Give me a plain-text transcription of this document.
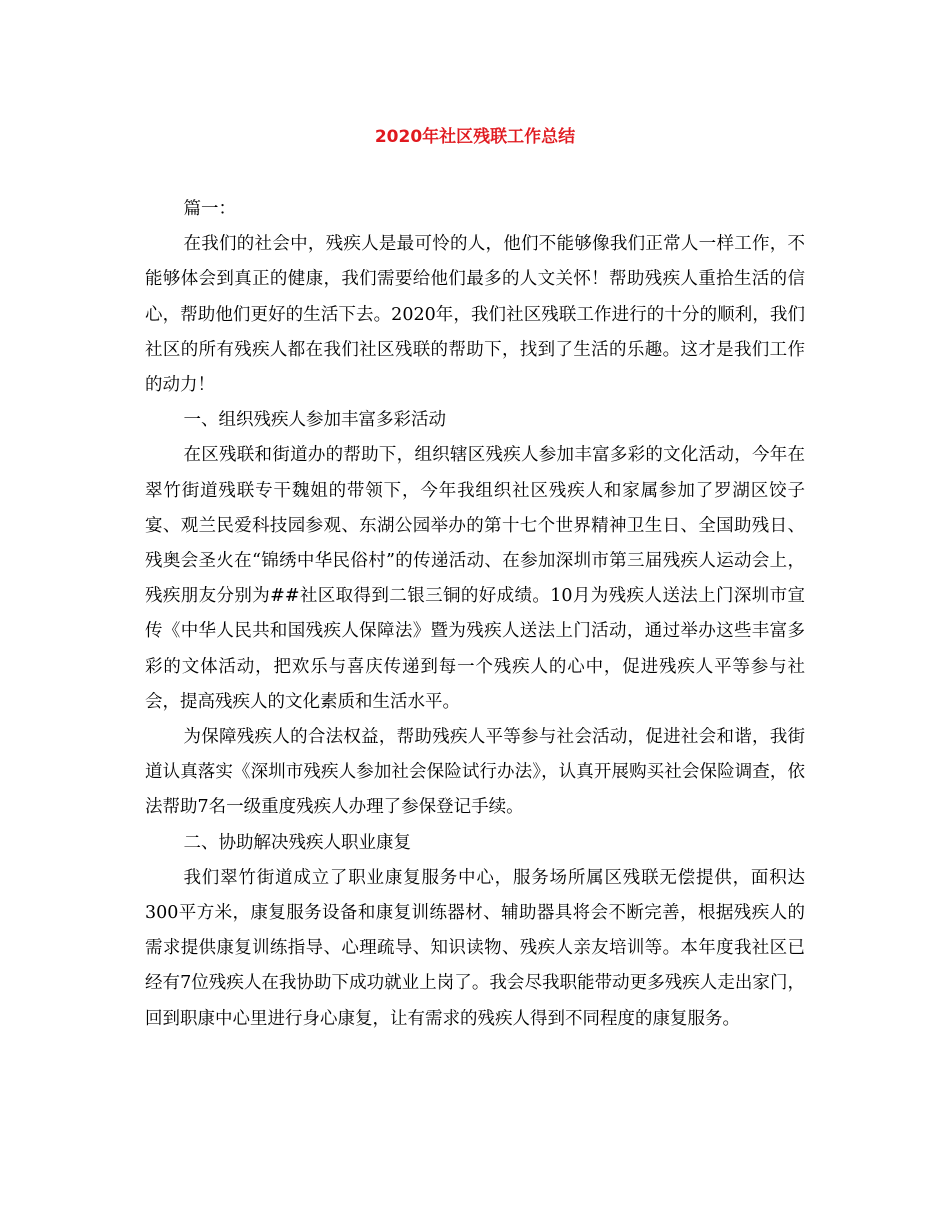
2020年社区残联工作总结

篇一：

在我们的社会中，残疾人是最可怜的人，他们不能够像我们正常人一样工作，不能够体会到真正的健康，我们需要给他们最多的人文关怀！帮助残疾人重拾生活的信心，帮助他们更好的生活下去。2020年，我们社区残联工作进行的十分的顺利，我们社区的所有残疾人都在我们社区残联的帮助下，找到了生活的乐趣。这才是我们工作的动力！

一、组织残疾人参加丰富多彩活动

在区残联和街道办的帮助下，组织辖区残疾人参加丰富多彩的文化活动，今年在翠竹街道残联专干魏姐的带领下，今年我组织社区残疾人和家属参加了罗湖区饺子宴、观兰民爱科技园参观、东湖公园举办的第十七个世界精神卫生日、全国助残日、残奥会圣火在“锦绣中华民俗村”的传递活动、在参加深圳市第三届残疾人运动会上，残疾朋友分别为##社区取得到二银三铜的好成绩。10月为残疾人送法上门深圳市宣传《中华人民共和国残疾人保障法》暨为残疾人送法上门活动，通过举办这些丰富多彩的文体活动，把欢乐与喜庆传递到每一个残疾人的心中，促进残疾人平等参与社会，提高残疾人的文化素质和生活水平。

为保障残疾人的合法权益，帮助残疾人平等参与社会活动，促进社会和谐，我街道认真落实《深圳市残疾人参加社会保险试行办法》，认真开展购买社会保险调查，依法帮助7名一级重度残疾人办理了参保登记手续。

二、协助解决残疾人职业康复

我们翠竹街道成立了职业康复服务中心，服务场所属区残联无偿提供，面积达300平方米，康复服务设备和康复训练器材、辅助器具将会不断完善，根据残疾人的需求提供康复训练指导、心理疏导、知识读物、残疾人亲友培训等。本年度我社区已经有7位残疾人在我协助下成功就业上岗了。我会尽我职能带动更多残疾人走出家门，回到职康中心里进行身心康复，让有需求的残疾人得到不同程度的康复服务。
